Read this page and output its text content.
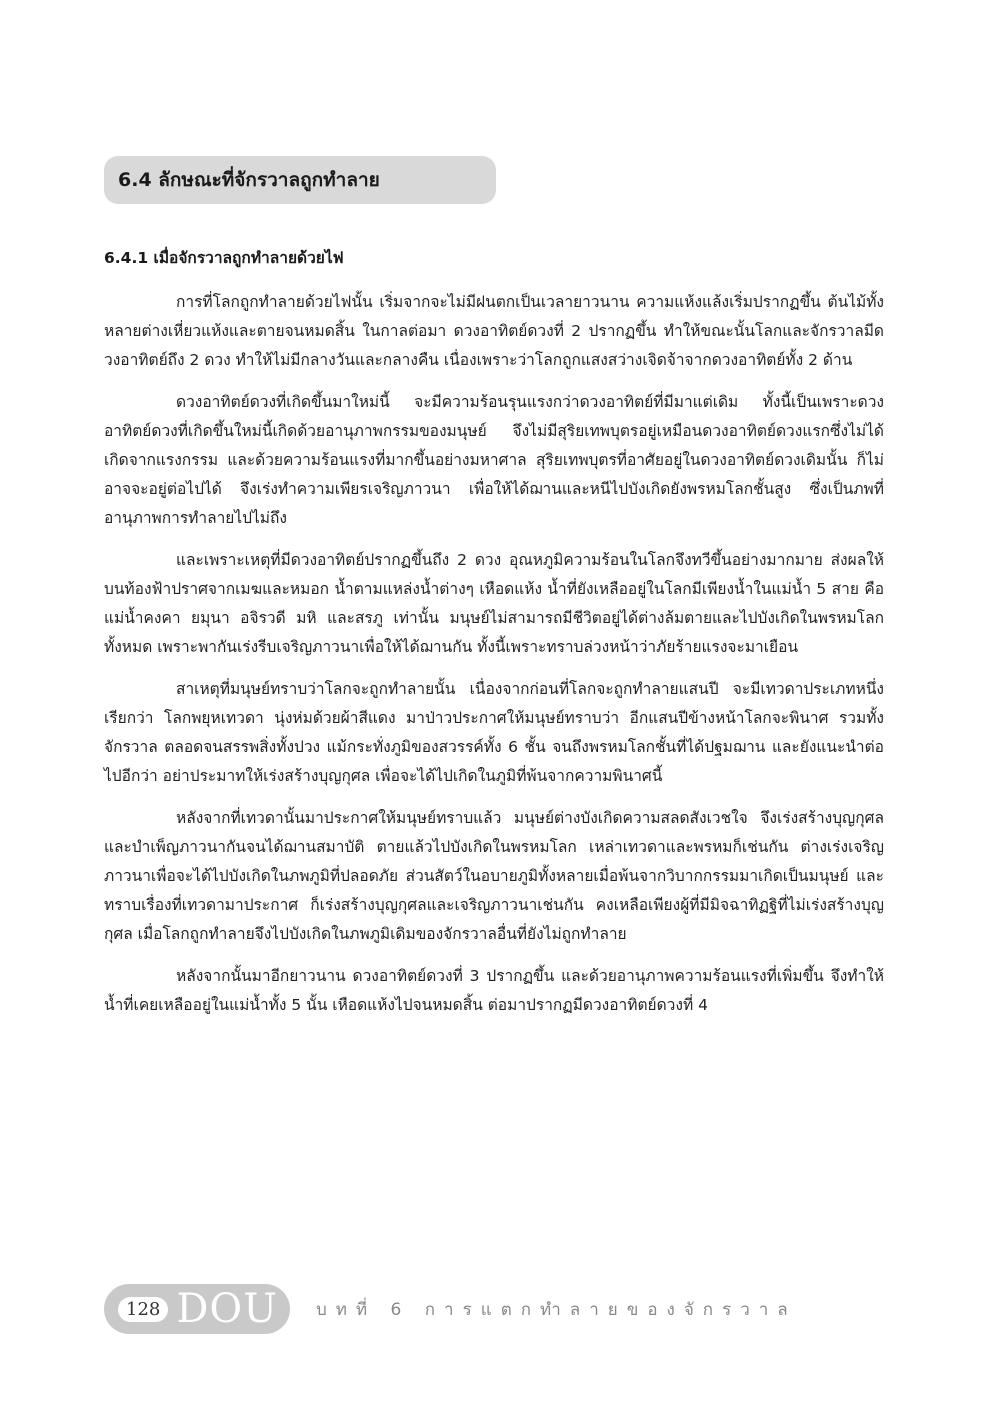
6.4 ลักษณะที่จักรวาลถูกทำลาย
6.4.1 เมื่อจักรวาลถูกทำลายด้วยไฟ

การที่โลกถูกทำลายด้วยไฟนั้น เริ่มจากจะไม่มีฝนตกเป็นเวลายาวนาน ความแห้งแล้งเริ่มปรากฏขึ้น ต้นไม้ทั้งหลายต่างเหี่ยวแห้งและตายจนหมดสิ้น ในกาลต่อมา ดวงอาทิตย์ดวงที่ 2 ปรากฏขึ้น ทำให้ขณะนั้นโลกและจักรวาลมีดวงอาทิตย์ถึง 2 ดวง ทำให้ไม่มีกลางวันและกลางคืน เนื่องเพราะว่าโลกถูกแสงสว่างเจิดจ้าจากดวงอาทิตย์ทั้ง 2 ด้าน

ดวงอาทิตย์ดวงที่เกิดขึ้นมาใหม่นี้ จะมีความร้อนรุนแรงกว่าดวงอาทิตย์ที่มีมาแต่เดิม ทั้งนี้เป็นเพราะดวงอาทิตย์ดวงที่เกิดขึ้นใหม่นี้เกิดด้วยอานุภาพกรรมของมนุษย์ จึงไม่มีสุริยเทพบุตรอยู่เหมือนดวงอาทิตย์ดวงแรกซึ่งไม่ได้เกิดจากแรงกรรม และด้วยความร้อนแรงที่มากขึ้นอย่างมหาศาล สุริยเทพบุตรที่อาศัยอยู่ในดวงอาทิตย์ดวงเดิมนั้น ก็ไม่อาจจะอยู่ต่อไปได้ จึงเร่งทำความเพียรเจริญภาวนา เพื่อให้ได้ฌานและหนีไปบังเกิดยังพรหมโลกชั้นสูง ซึ่งเป็นภพที่อานุภาพการทำลายไปไม่ถึง

และเพราะเหตุที่มีดวงอาทิตย์ปรากฏขึ้นถึง 2 ดวง อุณหภูมิความร้อนในโลกจึงทวีขึ้นอย่างมากมาย ส่งผลให้บนท้องฟ้าปราศจากเมฆและหมอก น้ำตามแหล่งน้ำต่างๆ เหือดแห้ง น้ำที่ยังเหลืออยู่ในโลกมีเพียงน้ำในแม่น้ำ 5 สาย คือแม่น้ำคงคา ยมุนา อจิรวดี มหิ และสรภู เท่านั้น มนุษย์ไม่สามารถมีชีวิตอยู่ได้ต่างล้มตายและไปบังเกิดในพรหมโลกทั้งหมด เพราะพากันเร่งรีบเจริญภาวนาเพื่อให้ได้ฌานกัน ทั้งนี้เพราะทราบล่วงหน้าว่าภัยร้ายแรงจะมาเยือน

สาเหตุที่มนุษย์ทราบว่าโลกจะถูกทำลายนั้น เนื่องจากก่อนที่โลกจะถูกทำลายแสนปี จะมีเทวดาประเภทหนึ่ง เรียกว่า โลกพยุหเทวดา นุ่งห่มด้วยผ้าสีแดง มาป่าวประกาศให้มนุษย์ทราบว่า อีกแสนปีข้างหน้าโลกจะพินาศ รวมทั้งจักรวาล ตลอดจนสรรพสิ่งทั้งปวง แม้กระทั่งภูมิของสวรรค์ทั้ง 6 ชั้น จนถึงพรหมโลกชั้นที่ได้ปฐมฌาน และยังแนะนำต่อไปอีกว่า อย่าประมาทให้เร่งสร้างบุญกุศล เพื่อจะได้ไปเกิดในภูมิที่พ้นจากความพินาศนี้

หลังจากที่เทวดานั้นมาประกาศให้มนุษย์ทราบแล้ว มนุษย์ต่างบังเกิดความสลดสังเวชใจ จึงเร่งสร้างบุญกุศล และบำเพ็ญภาวนากันจนได้ฌานสมาบัติ ตายแล้วไปบังเกิดในพรหมโลก เหล่าเทวดาและพรหมก็เช่นกัน ต่างเร่งเจริญภาวนาเพื่อจะได้ไปบังเกิดในภพภูมิที่ปลอดภัย ส่วนสัตว์ในอบายภูมิทั้งหลายเมื่อพ้นจากวิบากกรรมมาเกิดเป็นมนุษย์ และทราบเรื่องที่เทวดามาประกาศ ก็เร่งสร้างบุญกุศลและเจริญภาวนาเช่นกัน คงเหลือเพียงผู้ที่มีมิจฉาทิฏฐิที่ไม่เร่งสร้างบุญกุศล เมื่อโลกถูกทำลายจึงไปบังเกิดในภพภูมิเดิมของจักรวาลอื่นที่ยังไม่ถูกทำลาย

หลังจากนั้นมาอีกยาวนาน ดวงอาทิตย์ดวงที่ 3 ปรากฏขึ้น และด้วยอานุภาพความร้อนแรงที่เพิ่มขึ้น จึงทำให้น้ำที่เคยเหลืออยู่ในแม่น้ำทั้ง 5 นั้น เหือดแห้งไปจนหมดสิ้น ต่อมาปรากฏมีดวงอาทิตย์ดวงที่ 4

128 DOU บทที่ 6 การแตกทำลายของจักรวาล
